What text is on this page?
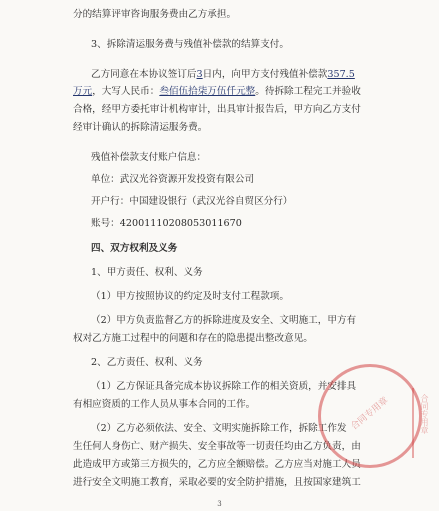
分的结算评审咨询服务费由乙方承担。
3、拆除清运服务费与残值补偿款的结算支付。
乙方同意在本协议签订后3日内，向甲方支付残值补偿款357.5
万元，大写人民币：叁佰伍拾柒万伍仟元整。待拆除工程完工并验收
合格，经甲方委托审计机构审计，出具审计报告后，甲方向乙方支付
经审计确认的拆除清运服务费。
残值补偿款支付账户信息：
单位：武汉光谷资源开发投资有限公司
开户行：中国建设银行（武汉光谷自贸区分行）
账号：42001110208053011670
四、双方权利及义务
1、甲方责任、权利、义务
（1）甲方按照协议的约定及时支付工程款项。
（2）甲方负责监督乙方的拆除进度及安全、文明施工，甲方有
权对乙方施工过程中的问题和存在的隐患提出整改意见。
2、乙方责任、权利、义务
（1）乙方保证具备完成本协议拆除工作的相关资质，并安排具
有相应资质的工作人员从事本合同的工作。
（2）乙方必须依法、安全、文明实施拆除工作，拆除工作发
生任何人身伤亡、财产损失、安全事故等一切责任均由乙方负责，由
此造成甲方或第三方损失的，乙方应全额赔偿。乙方应当对施工人员
进行安全文明施工教育，采取必要的安全防护措施，且按国家建筑工
合同专用章	合同专用章
3
